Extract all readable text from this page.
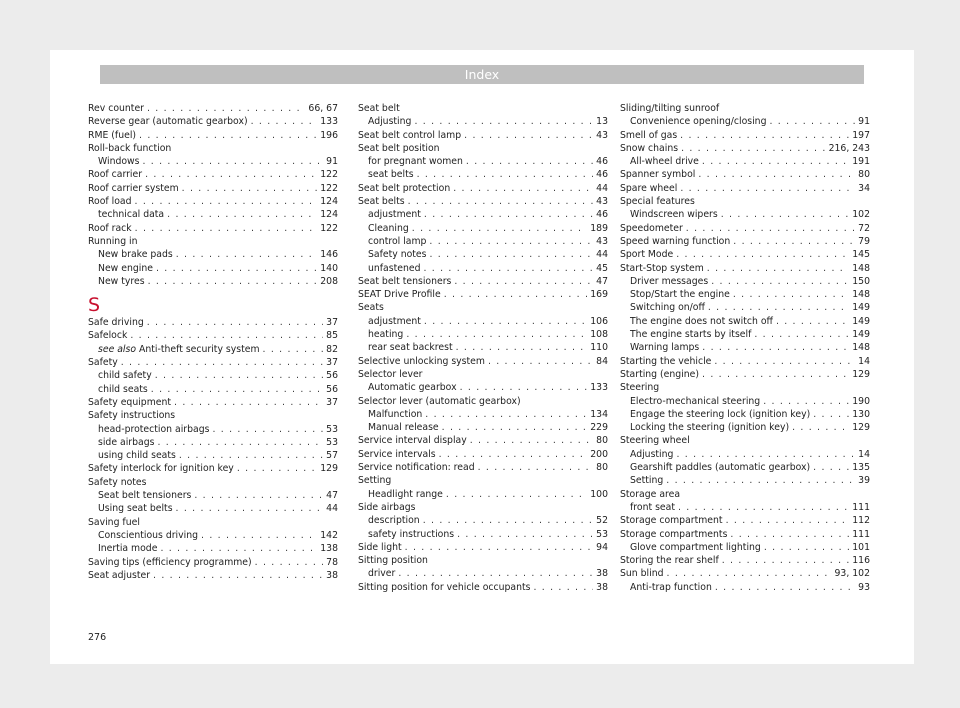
Index
Rev counter . . .	66, 67
Reverse gear (automatic gearbox) . . .	133
RME (fuel) . . .	196
Roll-back function
Windows . . .	91
Roof carrier . . .	122
Roof carrier system . . .	122
Roof load . . .	124
technical data . . .	124
Roof rack . . .	122
Running in
New brake pads . . .	146
New engine . . .	140
New tyres . . .	208
S
Safe driving . . .	37
Safelock . . .	85
see also Anti-theft security system . . .	82
Safety . . .	37
child safety . . .	56
child seats . . .	56
Safety equipment . . .	37
Safety instructions
head-protection airbags . . .	53
side airbags . . .	53
using child seats . . .	57
Safety interlock for ignition key . . .	129
Safety notes
Seat belt tensioners . . .	47
Using seat belts . . .	44
Saving fuel
Conscientious driving . . .	142
Inertia mode . . .	138
Saving tips (efficiency programme) . . .	78
Seat adjuster . . .	38
Seat belt
Adjusting . . .	13
Seat belt control lamp . . .	43
Seat belt position
for pregnant women . . .	46
seat belts . . .	46
Seat belt protection . . .	44
Seat belts . . .	43
adjustment . . .	46
Cleaning . . .	189
control lamp . . .	43
Safety notes . . .	44
unfastened . . .	45
Seat belt tensioners . . .	47
SEAT Drive Profile . . .	169
Seats
adjustment . . .	106
heating . . .	108
rear seat backrest . . .	110
Selective unlocking system . . .	84
Selector lever
Automatic gearbox . . .	133
Selector lever (automatic gearbox)
Malfunction . . .	134
Manual release . . .	229
Service interval display . . .	80
Service intervals . . .	200
Service notification: read . . .	80
Setting
Headlight range . . .	100
Side airbags
description . . .	52
safety instructions . . .	53
Side light . . .	94
Sitting position
driver . . .	38
Sitting position for vehicle occupants . . .	38
Sliding/tilting sunroof
Convenience opening/closing . . .	91
Smell of gas . . .	197
Snow chains . . .	216, 243
All-wheel drive . . .	191
Spanner symbol . . .	80
Spare wheel . . .	34
Special features
Windscreen wipers . . .	102
Speedometer . . .	72
Speed warning function . . .	79
Sport Mode . . .	145
Start-Stop system . . .	148
Driver messages . . .	150
Stop/Start the engine . . .	148
Switching on/off . . .	149
The engine does not switch off . . .	149
The engine starts by itself . . .	149
Warning lamps . . .	148
Starting the vehicle . . .	14
Starting (engine) . . .	129
Steering
Electro-mechanical steering . . .	190
Engage the steering lock (ignition key) . . .	130
Locking the steering (ignition key) . . .	129
Steering wheel
Adjusting . . .	14
Gearshift paddles (automatic gearbox) . . .	135
Setting . . .	39
Storage area
front seat . . .	111
Storage compartment . . .	112
Storage compartments . . .	111
Glove compartment lighting . . .	101
Storing the rear shelf . . .	116
Sun blind . . .	93, 102
Anti-trap function . . .	93
276
